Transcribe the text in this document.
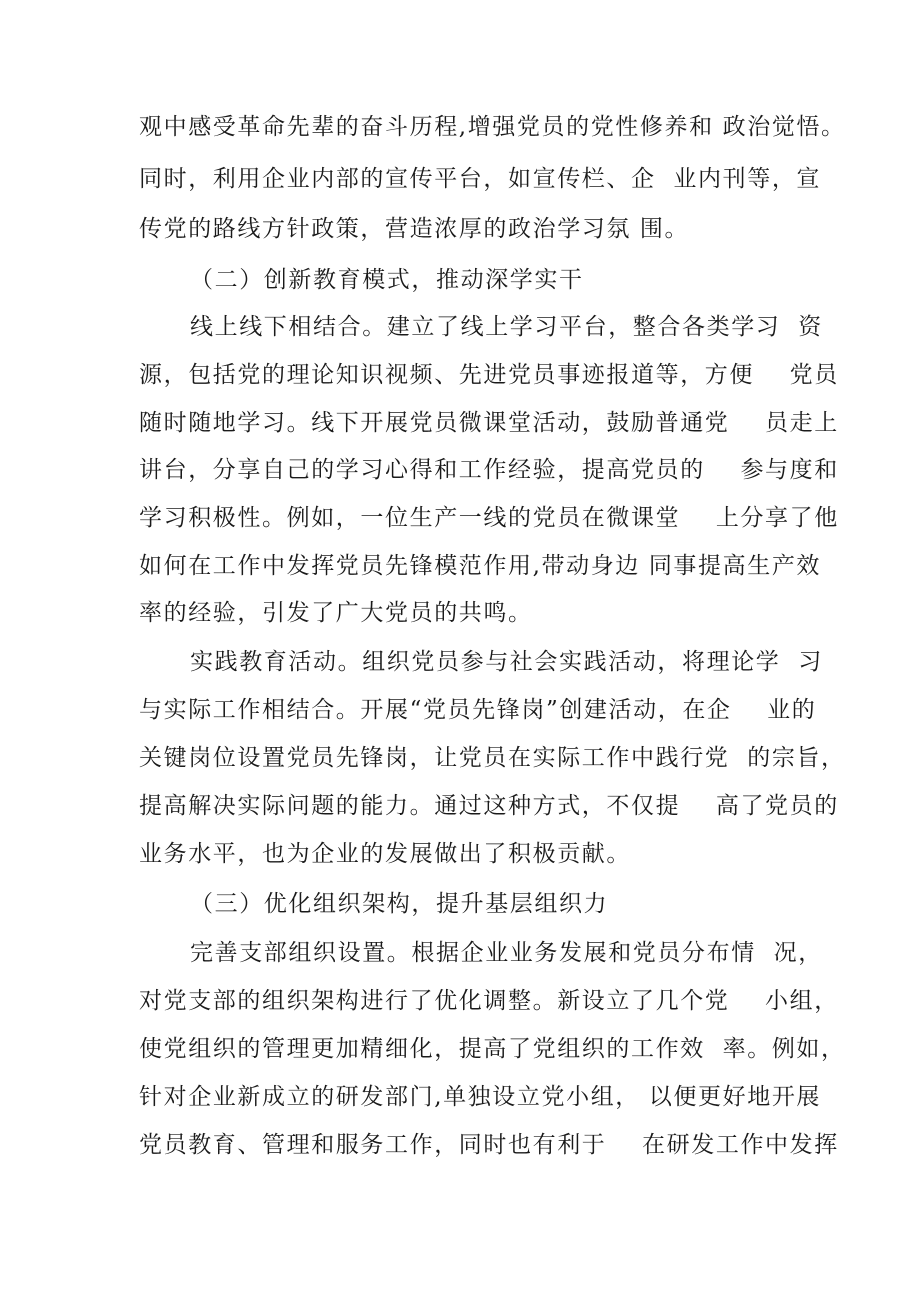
观中感受革命先辈的奋斗历程,增强党员的党性修养和 政治觉悟。
同时，利用企业内部的宣传平台，如宣传栏、企  业内刊等，宣
传党的路线方针政策，营造浓厚的政治学习氛 围。
（二）创新教育模式，推动深学实干
线上线下相结合。建立了线上学习平台，整合各类学习  资
源，包括党的理论知识视频、先进党员事迹报道等，方便    党员
随时随地学习。线下开展党员微课堂活动，鼓励普通党    员走上
讲台，分享自己的学习心得和工作经验，提高党员的    参与度和
学习积极性。例如，一位生产一线的党员在微课堂    上分享了他
如何在工作中发挥党员先锋模范作用,带动身边 同事提高生产效
率的经验，引发了广大党员的共鸣。
实践教育活动。组织党员参与社会实践活动，将理论学  习
与实际工作相结合。开展“党员先锋岗”创建活动，在企    业的
关键岗位设置党员先锋岗，让党员在实际工作中践行党  的宗旨，
提高解决实际问题的能力。通过这种方式，不仅提    高了党员的
业务水平，也为企业的发展做出了积极贡献。
（三）优化组织架构，提升基层组织力
完善支部组织设置。根据企业业务发展和党员分布情  况，
对党支部的组织架构进行了优化调整。新设立了几个党    小组，
使党组织的管理更加精细化，提高了党组织的工作效  率。例如，
针对企业新成立的研发部门,单独设立党小组， 以便更好地开展
党员教育、管理和服务工作，同时也有利于    在研发工作中发挥
